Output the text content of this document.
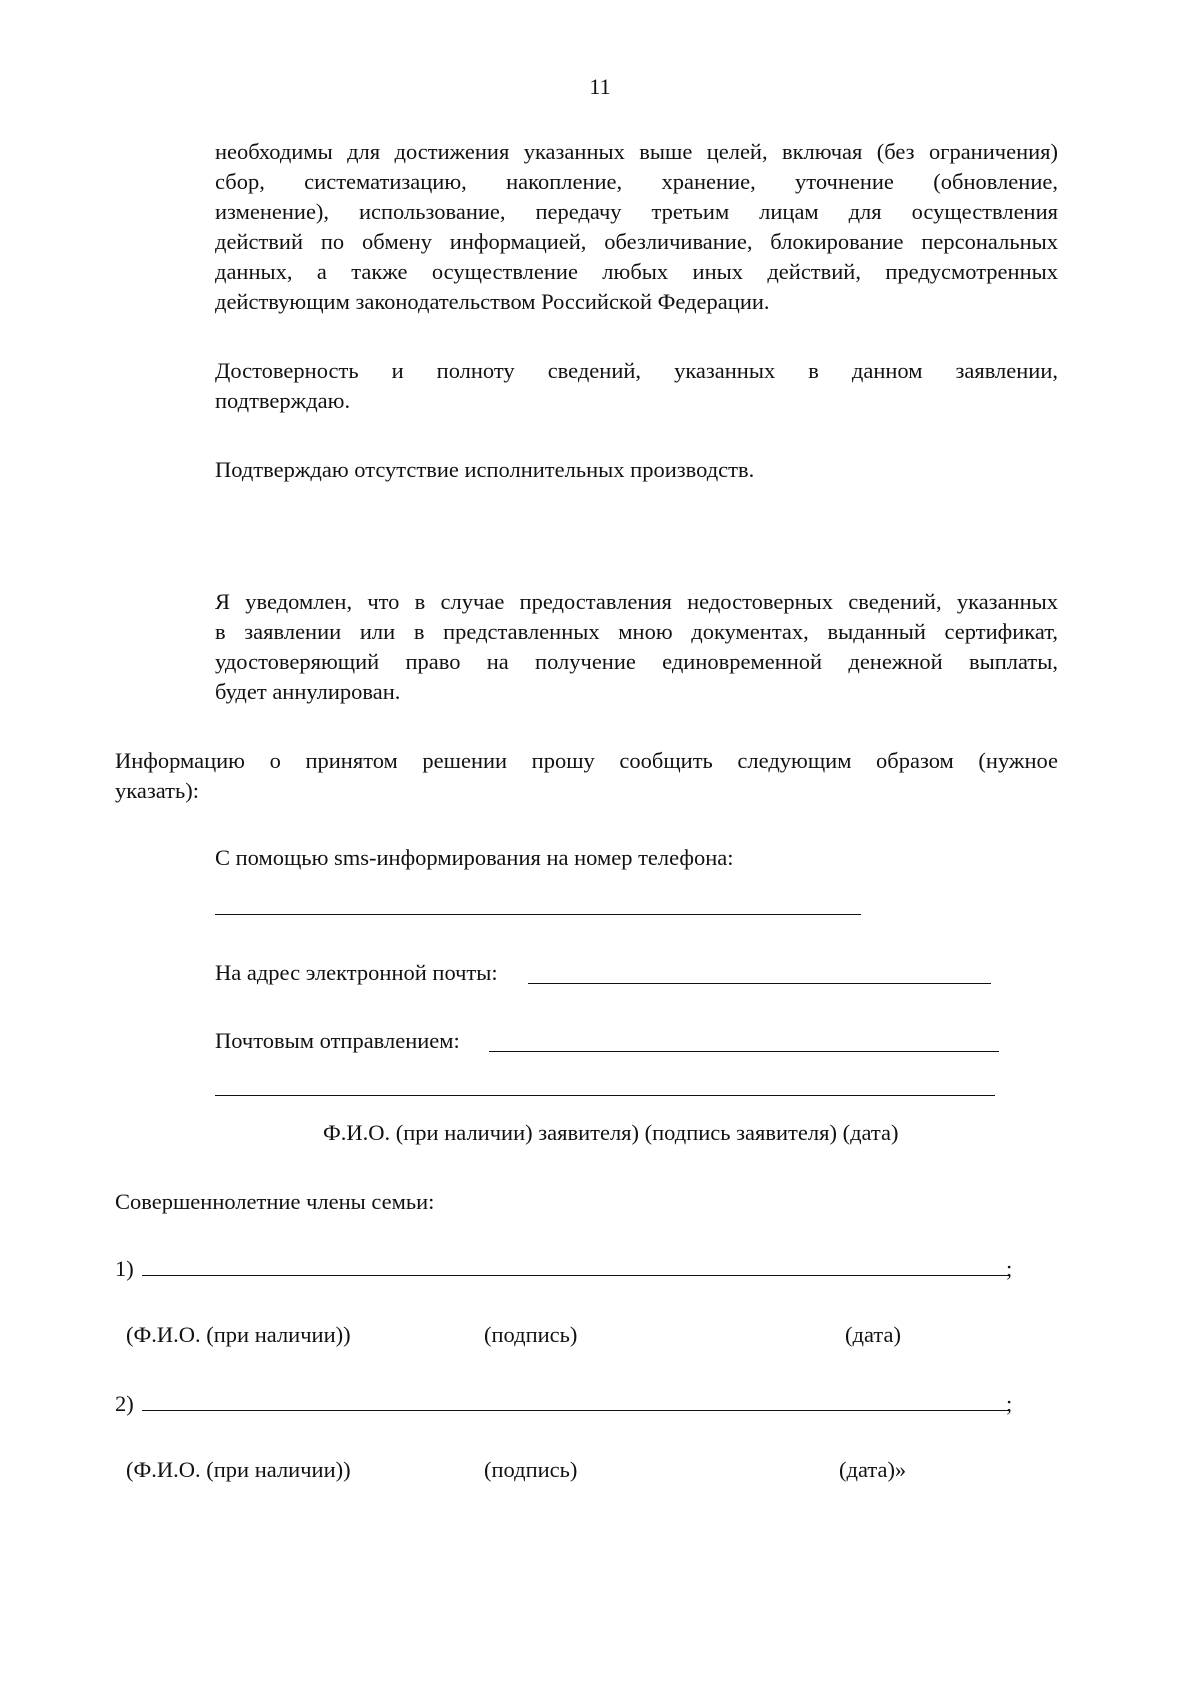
11
необходимы для достижения указанных выше целей, включая (без ограничения)
сбор, систематизацию, накопление, хранение, уточнение (обновление,
изменение), использование, передачу третьим лицам для осуществления
действий по обмену информацией, обезличивание, блокирование персональных
данных, а также осуществление любых иных действий, предусмотренных
действующим законодательством Российской Федерации.
Достоверность и полноту сведений, указанных в данном заявлении,
подтверждаю.
Подтверждаю отсутствие исполнительных производств.
Я уведомлен, что в случае предоставления недостоверных сведений, указанных
в заявлении или в представленных мною документах, выданный сертификат,
удостоверяющий право на получение единовременной денежной выплаты,
будет аннулирован.
Информацию о принятом решении прошу сообщить следующим образом (нужное
указать):
С помощью sms-информирования на номер телефона:
На адрес электронной почты:
Почтовым отправлением:
Ф.И.О. (при наличии) заявителя) (подпись заявителя) (дата)
Совершеннолетние члены семьи:
1)	;
(Ф.И.О. (при наличии))	(подпись)	(дата)
2)	;
(Ф.И.О. (при наличии))	(подпись)	(дата)»
